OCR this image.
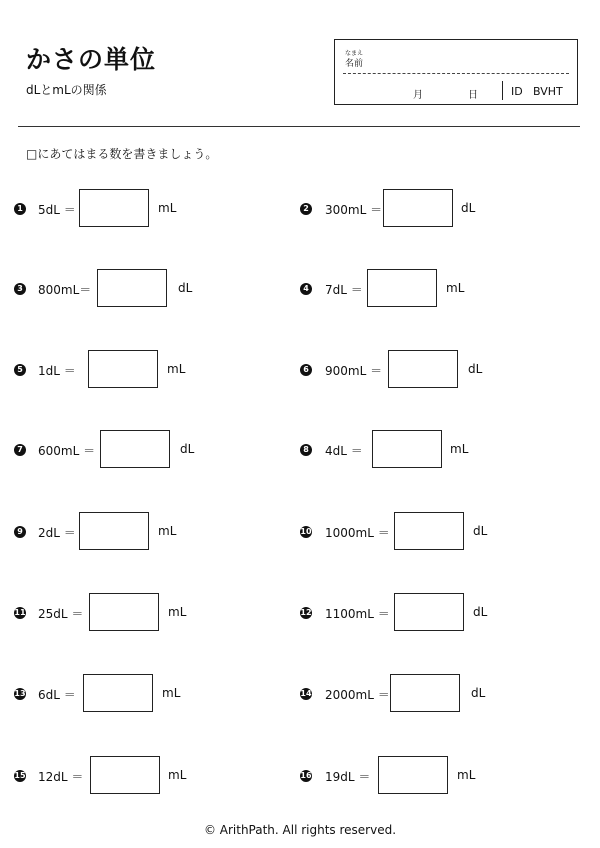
かさの単位
dLとmLの関係
なまえ
名前
月	日	ID BVHT
□にあてはまる数を書きましょう。
1 5dL ＝	mL
3 800mL＝	dL
5 1dL ＝	mL
7 600mL ＝	dL
9 2dL ＝	mL
11 25dL ＝	mL
13 6dL ＝	mL
15 12dL ＝	mL
2 300mL ＝	dL
4 7dL ＝	mL
6 900mL ＝	dL
8 4dL ＝	mL
10 1000mL ＝	dL
12 1100mL ＝	dL
14 2000mL ＝	dL
16 19dL ＝	mL
© ArithPath. All rights reserved.
